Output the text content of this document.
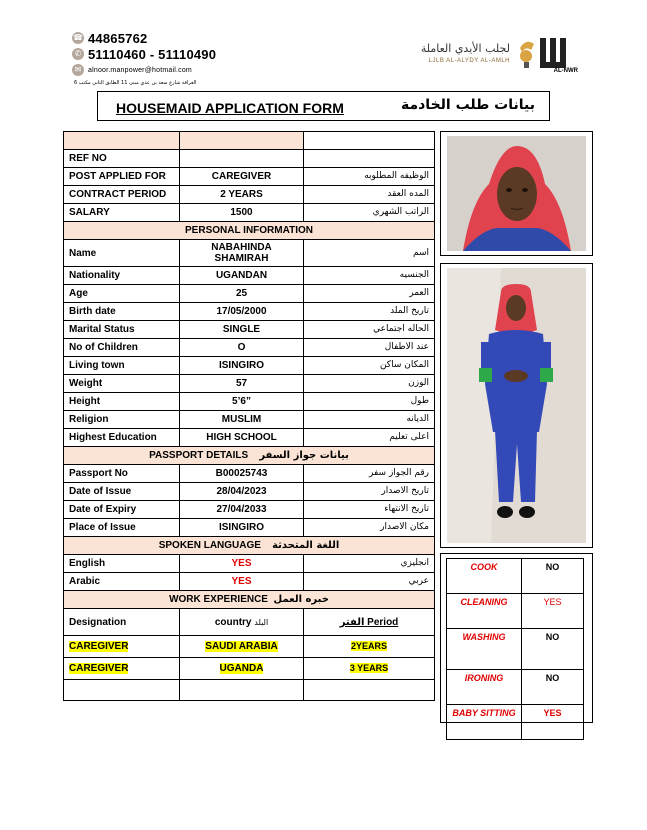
☎ 44865762
✆ 51110460 - 51110490
✉ alnoor.manpower@hotmail.com
الغرافة شارع سعد بن عدي مبنى 11 الطابق الثاني مكتب 6
لجلب الأيدي العاملة
LJLB AL-ALYDY AL-AMLH
AL-NWR
HOUSEMAID APPLICATION FORM	بيانات طلب الخادمة

REF NO		
POST APPLIED FOR	CAREGIVER	الوظيفه المطلوبه
CONTRACT PERIOD	2 YEARS	المده العقد
SALARY	1500	الراتب الشهري
PERSONAL INFORMATION		
Name	NABAHINDA SHAMIRAH	اسم
Nationality	UGANDAN	الجنسيه
Age	25	العمر
Birth date	17/05/2000	تاريخ الملد
Marital Status	SINGLE	الحاله اجتماعي
No of Children	O	عند الاطفال
Living town	ISINGIRO	المكان ساكن
Weight	57	الوزن
Height	5’6”	طول
Religion	MUSLIM	الديانه
Highest Education	HIGH SCHOOL	اعلى تعليم
PASSPORT DETAILS بيانات جواز السفر		
Passport No	B00025743	رقم الجواز سفر
Date of Issue	28/04/2023	تاريخ الاصدار
Date of Expiry	27/04/2033	تاريخ الانتهاء
Place of Issue	ISINGIRO	مكان الاصدار
SPOKEN LANGUAGE اللغة المتحدثة		
English	YES	انجليزي
Arabic	YES	عربي
WORK EXPERIENCE خبره العمل		
Designation	country البلد	الفتر Period
CAREGIVER	SAUDI ARABIA	2YEARS
CAREGIVER	UGANDA	3 YEARS

COOK	NO
CLEANING	YES
WASHING	NO
IRONING	NO
BABY SITTING	YES
